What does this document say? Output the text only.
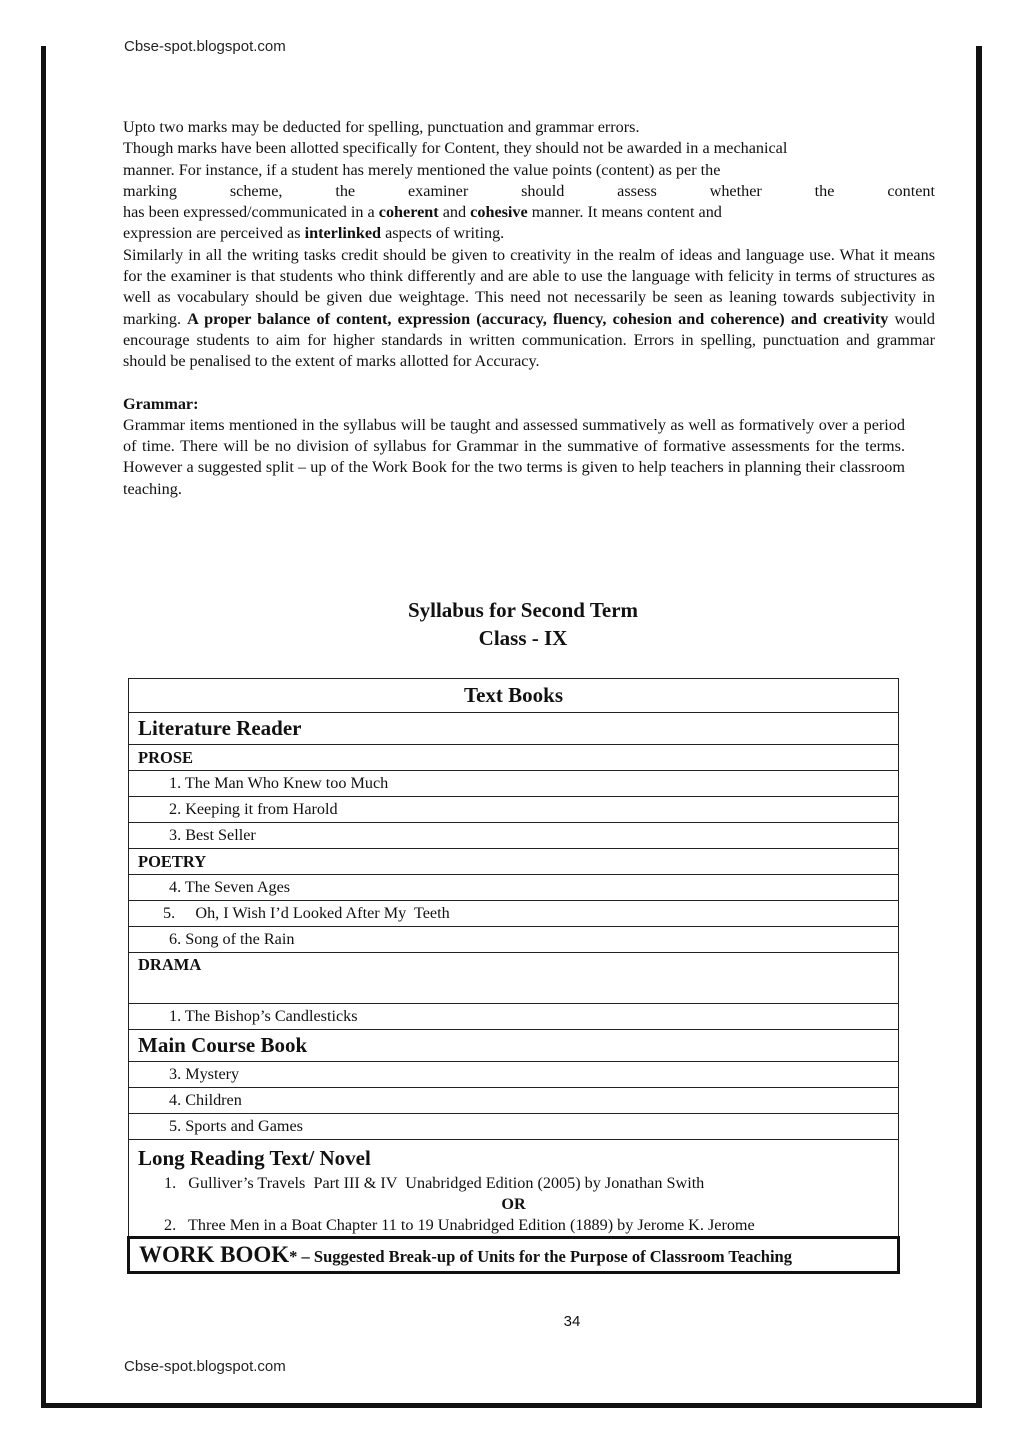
Cbse-spot.blogspot.com

Upto two marks may be deducted for spelling, punctuation and grammar errors.

Though marks have been allotted specifically for Content, they should not be awarded in a mechanical

manner. For instance, if a student has merely mentioned the value points (content) as per the

marking scheme, the examiner should assess whether the content

has been expressed/communicated in a coherent and cohesive manner. It means content and

expression are perceived as interlinked aspects of writing.

Similarly in all the writing tasks credit should be given to creativity in the realm of ideas and language use. What it means for the examiner is that students who think differently and are able to use the language with felicity in terms of structures as well as vocabulary should be given due weightage. This need not necessarily be seen as leaning towards subjectivity in marking. A proper balance of content, expression (accuracy, fluency, cohesion and coherence) and creativity would encourage students to aim for higher standards in written communication. Errors in spelling, punctuation and grammar should be penalised to the extent of marks allotted for Accuracy.

Grammar:

Grammar items mentioned in the syllabus will be taught and assessed summatively as well as formatively over a period of time. There will be no division of syllabus for Grammar in the summative of formative assessments for the terms. However a suggested split – up of the Work Book for the two terms is given to help teachers in planning their classroom teaching.

Syllabus for Second Term
Class - IX
Text Books
Literature Reader
PROSE
1. The Man Who Knew too Much
2. Keeping it from Harold
3. Best Seller
POETRY
4. The Seven Ages
5.     Oh, I Wish I’d Looked After My  Teeth
6. Song of the Rain
DRAMA
1. The Bishop’s Candlesticks
Main Course Book
3. Mystery
4. Children
5. Sports and Games

Long Reading Text/ Novel
1.   Gulliver’s Travels  Part III & IV  Unabridged Edition (2005) by Jonathan Swith
OR
2.   Three Men in a Boat Chapter 11 to 19 Unabridged Edition (1889) by Jerome K. Jerome

WORK BOOK* – Suggested Break-up of Units for the Purpose of Classroom Teaching
34
Cbse-spot.blogspot.com
